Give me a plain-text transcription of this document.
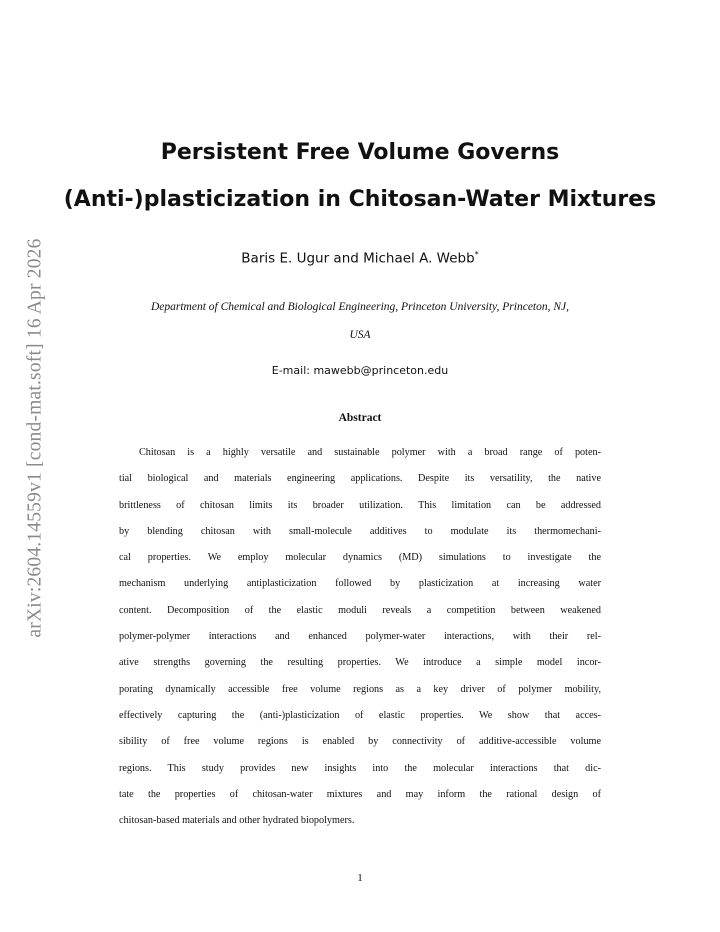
arXiv:2604.14559v1 [cond-mat.soft] 16 Apr 2026
Persistent Free Volume Governs
(Anti-)plasticization in Chitosan-Water Mixtures
Baris E. Ugur and Michael A. Webb*
Department of Chemical and Biological Engineering, Princeton University, Princeton, NJ,
USA
E-mail: mawebb@princeton.edu
Abstract
Chitosan is a highly versatile and sustainable polymer with a broad range of poten-
tial biological and materials engineering applications. Despite its versatility, the native
brittleness of chitosan limits its broader utilization. This limitation can be addressed
by blending chitosan with small-molecule additives to modulate its thermomechani-
cal properties. We employ molecular dynamics (MD) simulations to investigate the
mechanism underlying antiplasticization followed by plasticization at increasing water
content. Decomposition of the elastic moduli reveals a competition between weakened
polymer-polymer interactions and enhanced polymer-water interactions, with their rel-
ative strengths governing the resulting properties. We introduce a simple model incor-
porating dynamically accessible free volume regions as a key driver of polymer mobility,
effectively capturing the (anti-)plasticization of elastic properties. We show that acces-
sibility of free volume regions is enabled by connectivity of additive-accessible volume
regions. This study provides new insights into the molecular interactions that dic-
tate the properties of chitosan-water mixtures and may inform the rational design of
chitosan-based materials and other hydrated biopolymers.
1
